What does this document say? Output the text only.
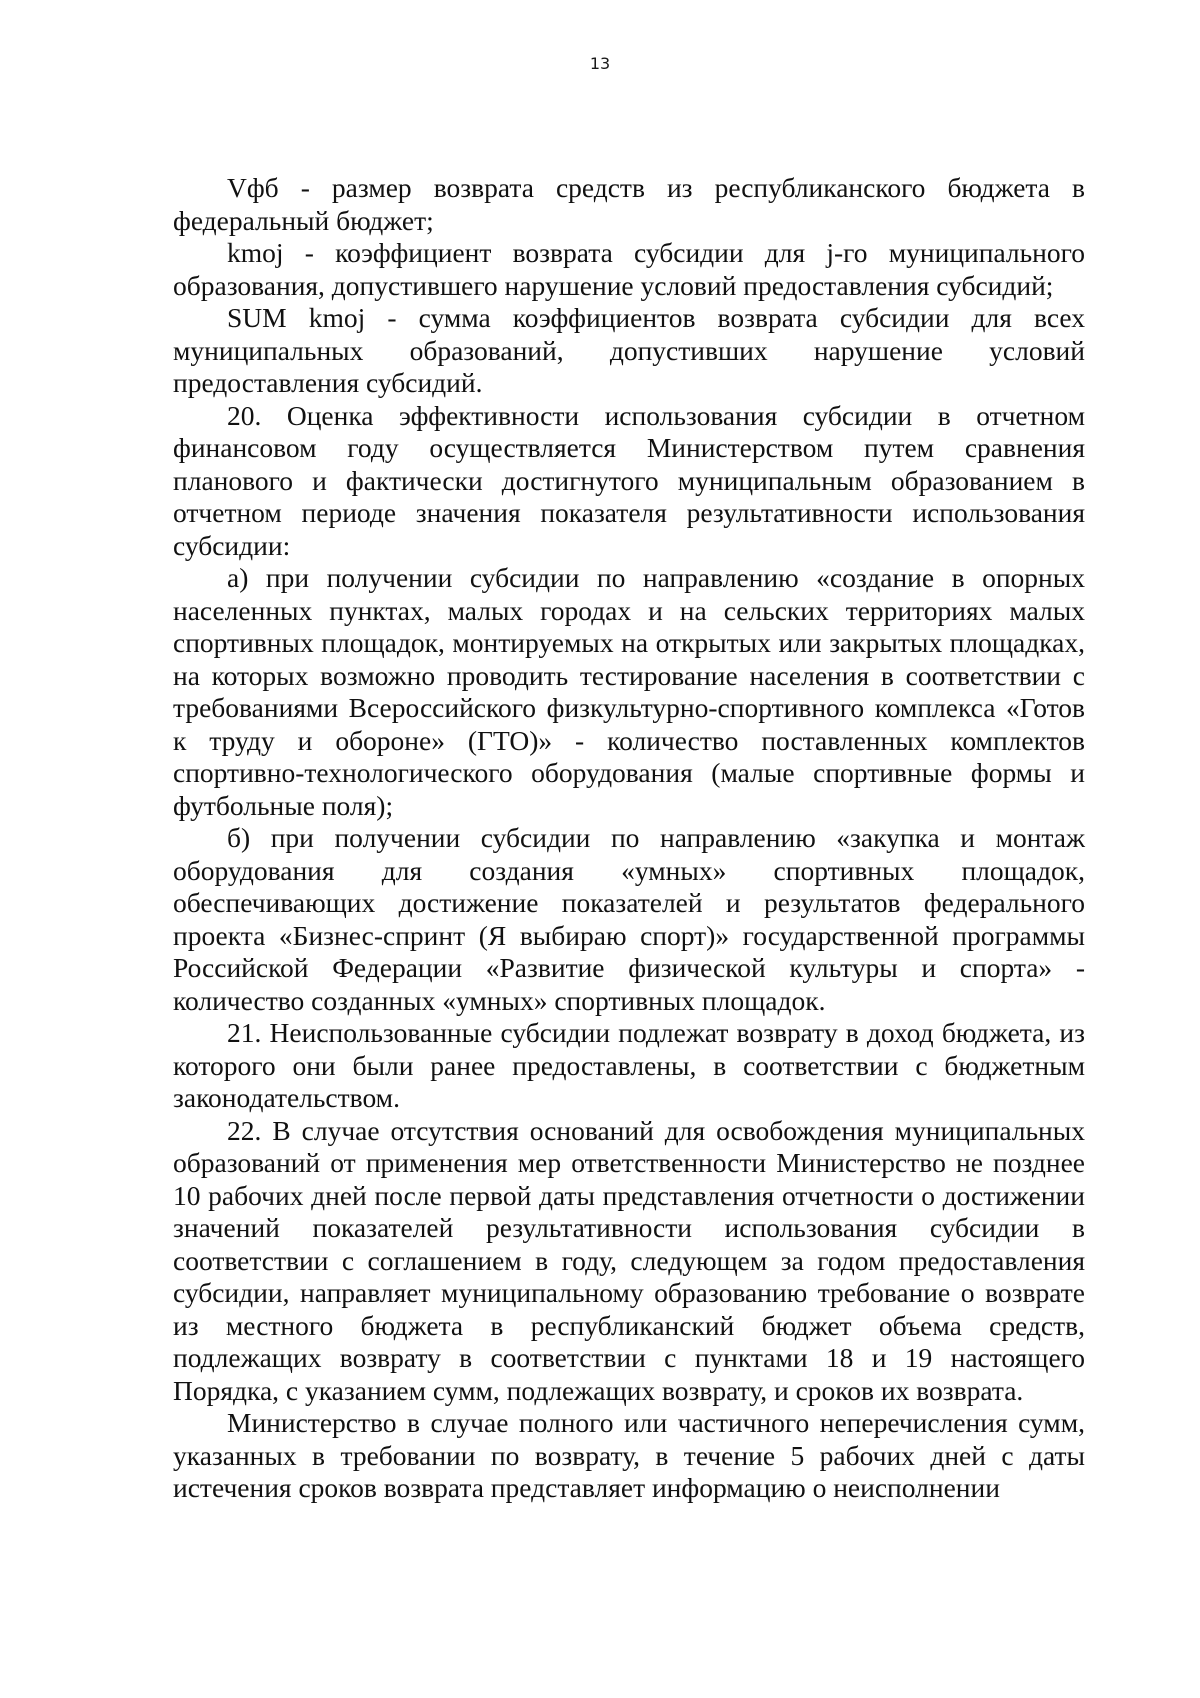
13

Vфб - размер возврата средств из республиканского бюджета в федеральный бюджет;

kmoj - коэффициент возврата субсидии для j-го муниципального образования, допустившего нарушение условий предоставления субсидий;

SUM kmoj - сумма коэффициентов возврата субсидии для всех муниципальных образований, допустивших нарушение условий предоставления субсидий.

20. Оценка эффективности использования субсидии в отчетном финансовом году осуществляется Министерством путем сравнения планового и фактически достигнутого муниципальным образованием в отчетном периоде значения показателя результативности использования субсидии:

а) при получении субсидии по направлению «создание в опорных населенных пунктах, малых городах и на сельских территориях малых спортивных площадок, монтируемых на открытых или закрытых площадках, на которых возможно проводить тестирование населения в соответствии с требованиями Всероссийского физкультурно-спортивного комплекса «Готов к труду и обороне» (ГТО)» - количество поставленных комплектов спортивно-технологического оборудования (малые спортивные формы и футбольные поля);

б) при получении субсидии по направлению «закупка и монтаж оборудования для создания «умных» спортивных площадок, обеспечивающих достижение показателей и результатов федерального проекта «Бизнес-спринт (Я выбираю спорт)» государственной программы Российской Федерации «Развитие физической культуры и спорта» - количество созданных «умных» спортивных площадок.

21. Неиспользованные субсидии подлежат возврату в доход бюджета, из которого они были ранее предоставлены, в соответствии с бюджетным законодательством.

22. В случае отсутствия оснований для освобождения муниципальных образований от применения мер ответственности Министерство не позднее 10 рабочих дней после первой даты представления отчетности о достижении значений показателей результативности использования субсидии в соответствии с соглашением в году, следующем за годом предоставления субсидии, направляет муниципальному образованию требование о возврате из местного бюджета в республиканский бюджет объема средств, подлежащих возврату в соответствии с пунктами 18 и 19 настоящего Порядка, с указанием сумм, подлежащих возврату, и сроков их возврата.

Министерство в случае полного или частичного неперечисления сумм, указанных в требовании по возврату, в течение 5 рабочих дней с даты истечения сроков возврата представляет информацию о неисполнении
